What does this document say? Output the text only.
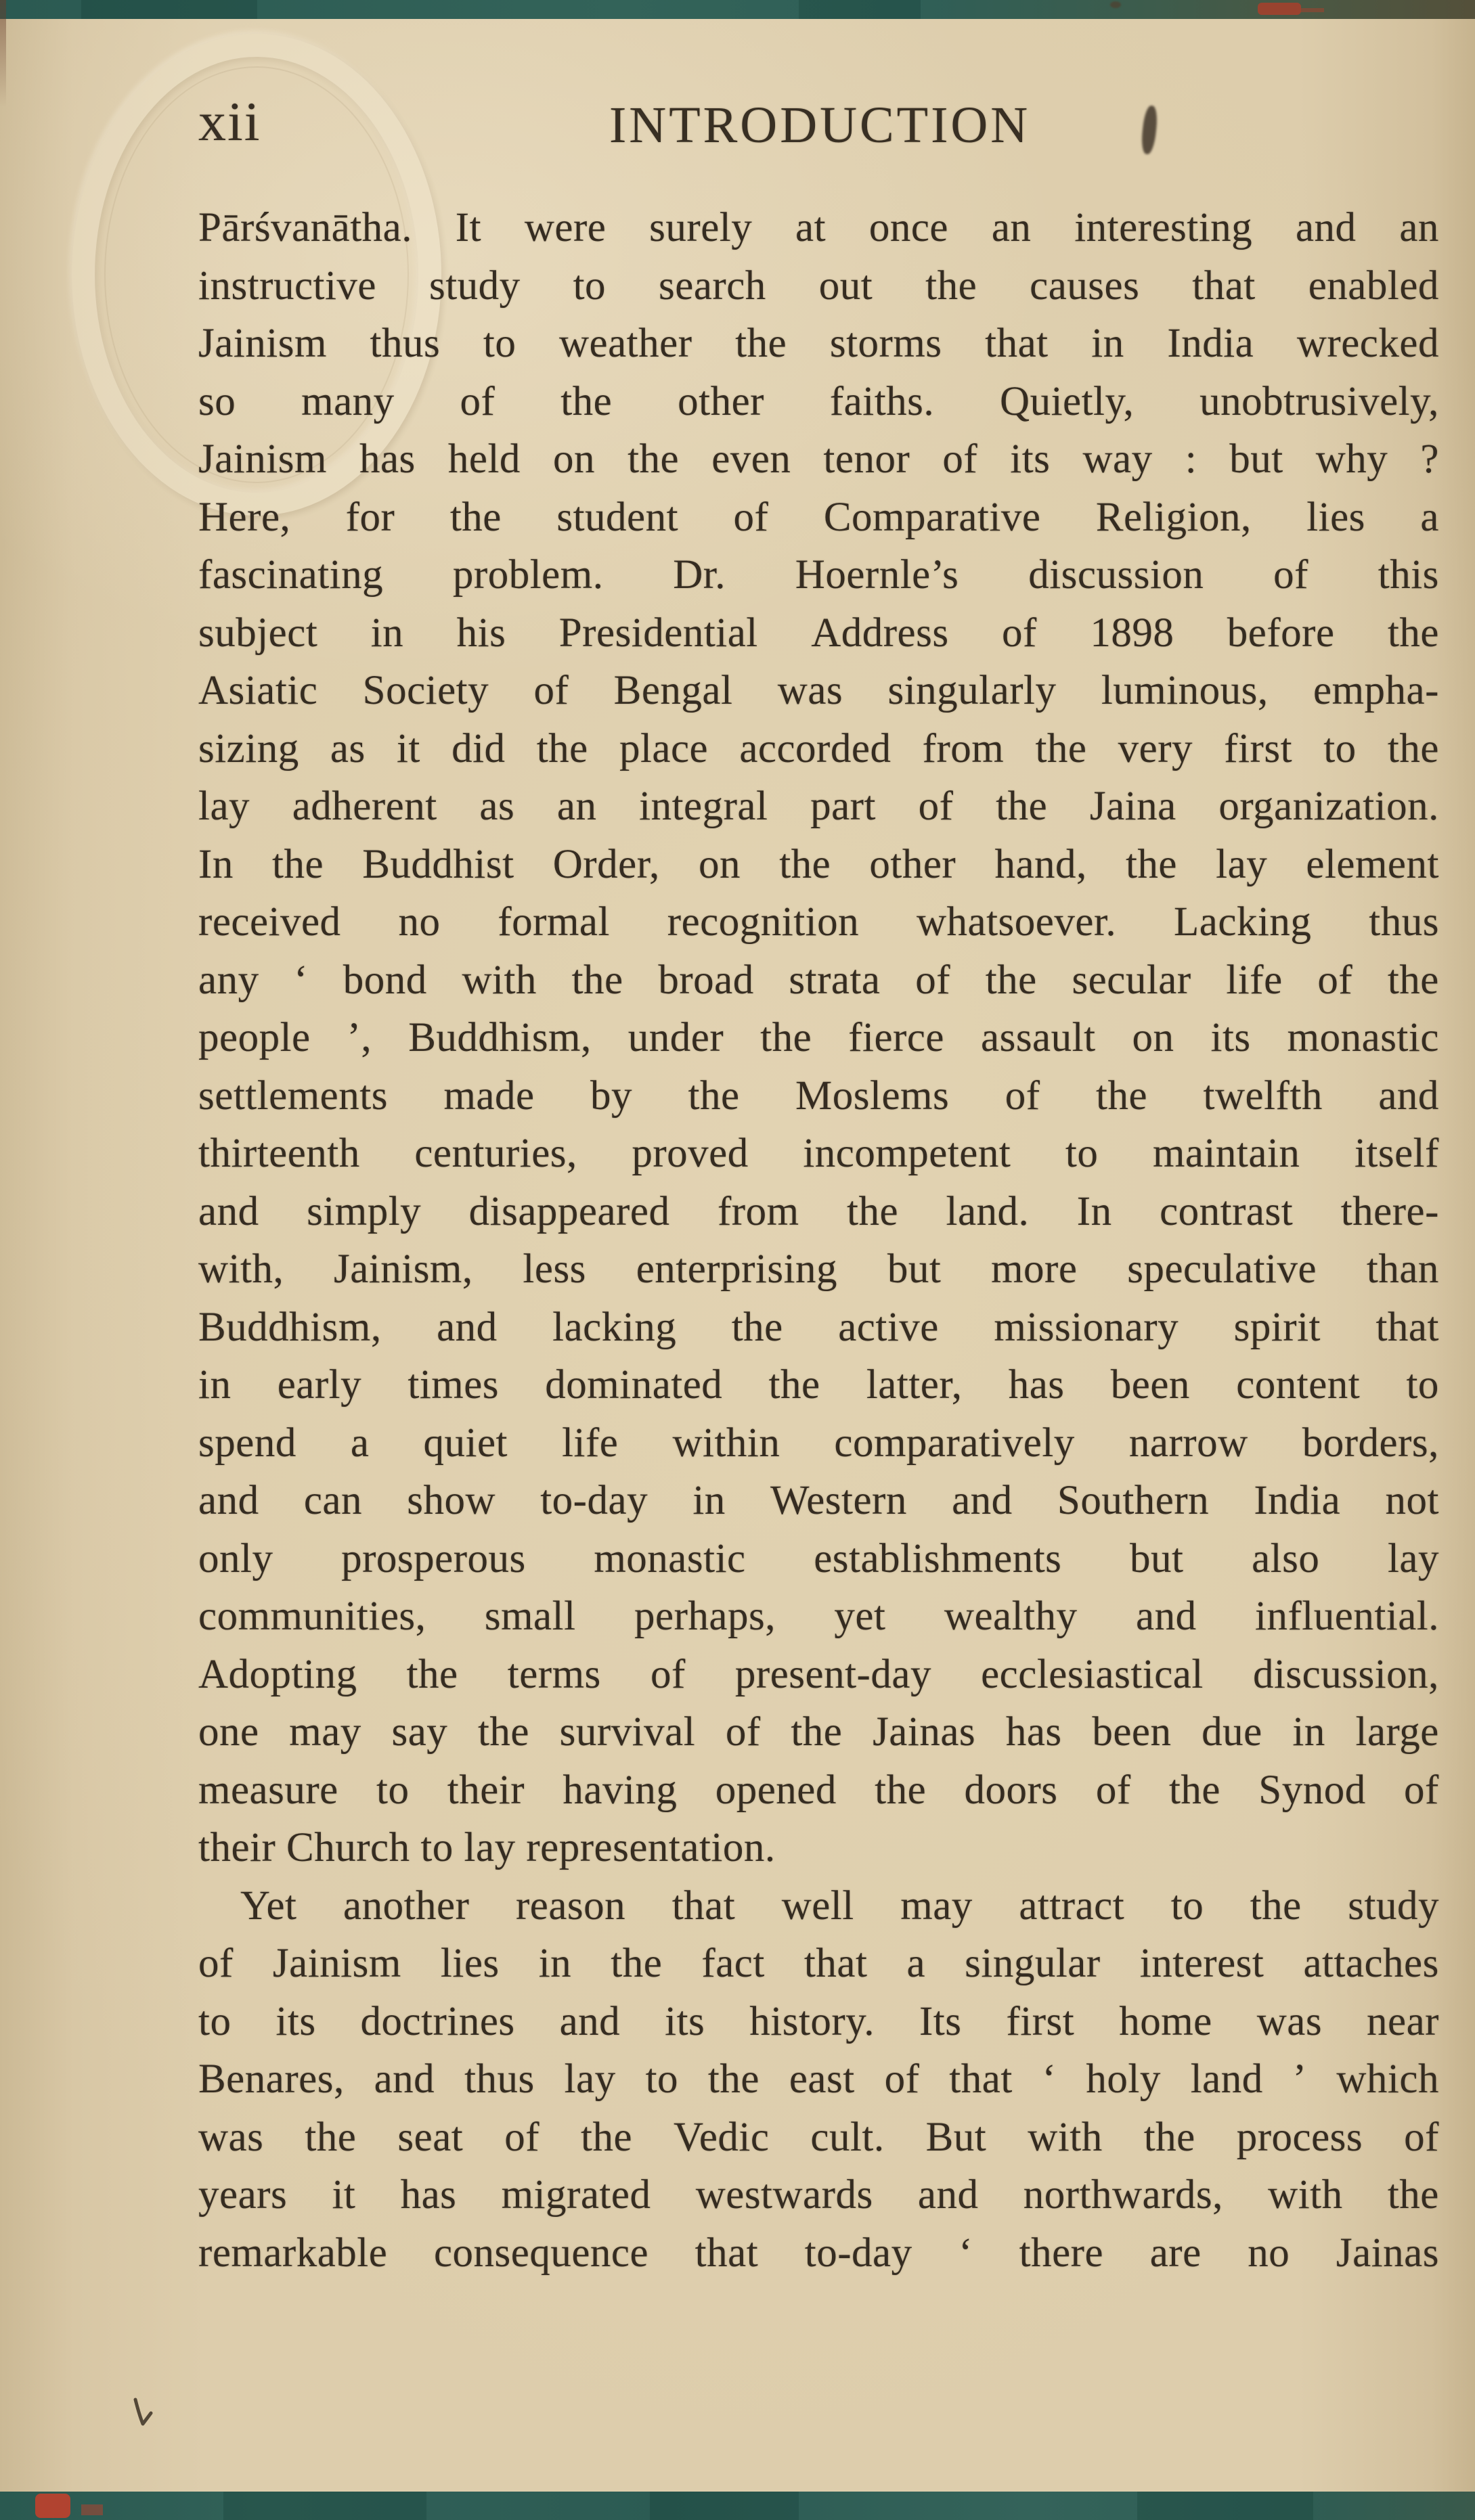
xii	INTRODUCTION
Pārśvanātha. It were surely at once an interesting and an
instructive study to search out the causes that enabled
Jainism thus to weather the storms that in India wrecked
so many of the other faiths. Quietly, unobtrusively,
Jainism has held on the even tenor of its way : but why ?
Here, for the student of Comparative Religion, lies a
fascinating problem. Dr. Hoernle’s discussion of this
subject in his Presidential Address of 1898 before the
Asiatic Society of Bengal was singularly luminous, empha-
sizing as it did the place accorded from the very first to the
lay adherent as an integral part of the Jaina organization.
In the Buddhist Order, on the other hand, the lay element
received no formal recognition whatsoever. Lacking thus
any ‘ bond with the broad strata of the secular life of the
people ’, Buddhism, under the fierce assault on its monastic
settlements made by the Moslems of the twelfth and
thirteenth centuries, proved incompetent to maintain itself
and simply disappeared from the land. In contrast there-
with, Jainism, less enterprising but more speculative than
Buddhism, and lacking the active missionary spirit that
in early times dominated the latter, has been content to
spend a quiet life within comparatively narrow borders,
and can show to-day in Western and Southern India not
only prosperous monastic establishments but also lay
communities, small perhaps, yet wealthy and influential.
Adopting the terms of present-day ecclesiastical discussion,
one may say the survival of the Jainas has been due in large
measure to their having opened the doors of the Synod of
their Church to lay representation.
Yet another reason that well may attract to the study
of Jainism lies in the fact that a singular interest attaches
to its doctrines and its history. Its first home was near
Benares, and thus lay to the east of that ‘ holy land ’ which
was the seat of the Vedic cult. But with the process of
years it has migrated westwards and northwards, with the
remarkable consequence that to-day ‘ there are no Jainas
